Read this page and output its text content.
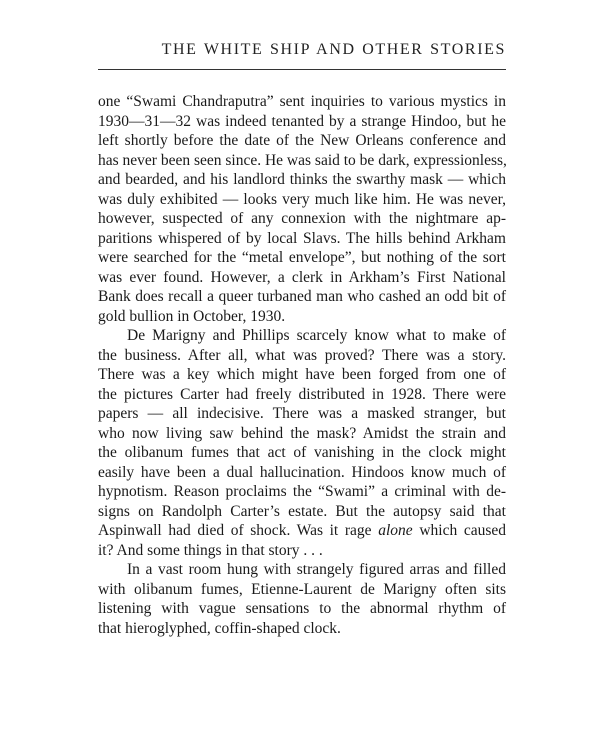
THE WHITE SHIP AND OTHER STORIES
one “Swami Chandraputra” sent inquiries to various mystics in
1930—31—32 was indeed tenanted by a strange Hindoo, but he
left shortly before the date of the New Orleans conference and
has never been seen since. He was said to be dark, expressionless,
and bearded, and his landlord thinks the swarthy mask — which
was duly exhibited — looks very much like him. He was never,
however, suspected of any connexion with the nightmare ap-
paritions whispered of by local Slavs. The hills behind Arkham
were searched for the “metal envelope”, but nothing of the sort
was ever found. However, a clerk in Arkham’s First National
Bank does recall a queer turbaned man who cashed an odd bit of
gold bullion in October, 1930.
De Marigny and Phillips scarcely know what to make of
the business. After all, what was proved? There was a story.
There was a key which might have been forged from one of
the pictures Carter had freely distributed in 1928. There were
papers — all indecisive. There was a masked stranger, but
who now living saw behind the mask? Amidst the strain and
the olibanum fumes that act of vanishing in the clock might
easily have been a dual hallucination. Hindoos know much of
hypnotism. Reason proclaims the “Swami” a criminal with de-
signs on Randolph Carter’s estate. But the autopsy said that
Aspinwall had died of shock. Was it rage alone which caused
it? And some things in that story . . .
In a vast room hung with strangely figured arras and filled
with olibanum fumes, Etienne-Laurent de Marigny often sits
listening with vague sensations to the abnormal rhythm of
that hieroglyphed, coffin-shaped clock.
